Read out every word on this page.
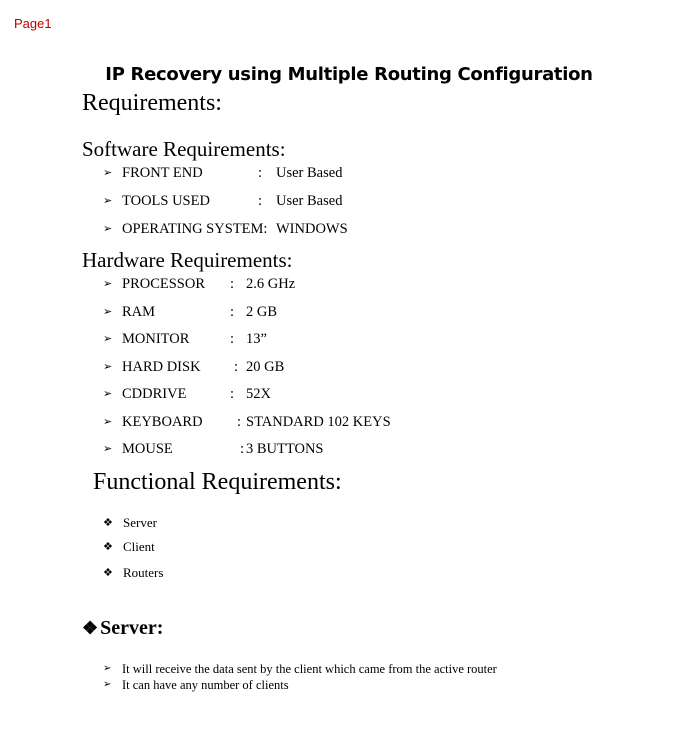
Page1
IP Recovery using Multiple Routing Configuration
Requirements:
Software Requirements:
➢ FRONT END	: User Based
➢ TOOLS USED	: User Based
➢ OPERATING SYSTEM: WINDOWS
Hardware Requirements:
➢ PROCESSOR : 2.6 GHz
➢ RAM	: 2 GB
➢ MONITOR	: 13”
➢ HARD DISK : 20 GB
➢ CDDRIVE	: 52X
➢ KEYBOARD : STANDARD 102 KEYS
➢ MOUSE	: 3 BUTTONS
Functional Requirements:
❖ Server
❖ Client
❖ Routers
❖ Server:
➢ It will receive the data sent by the client which came from the active router
➢ It can have any number of clients
